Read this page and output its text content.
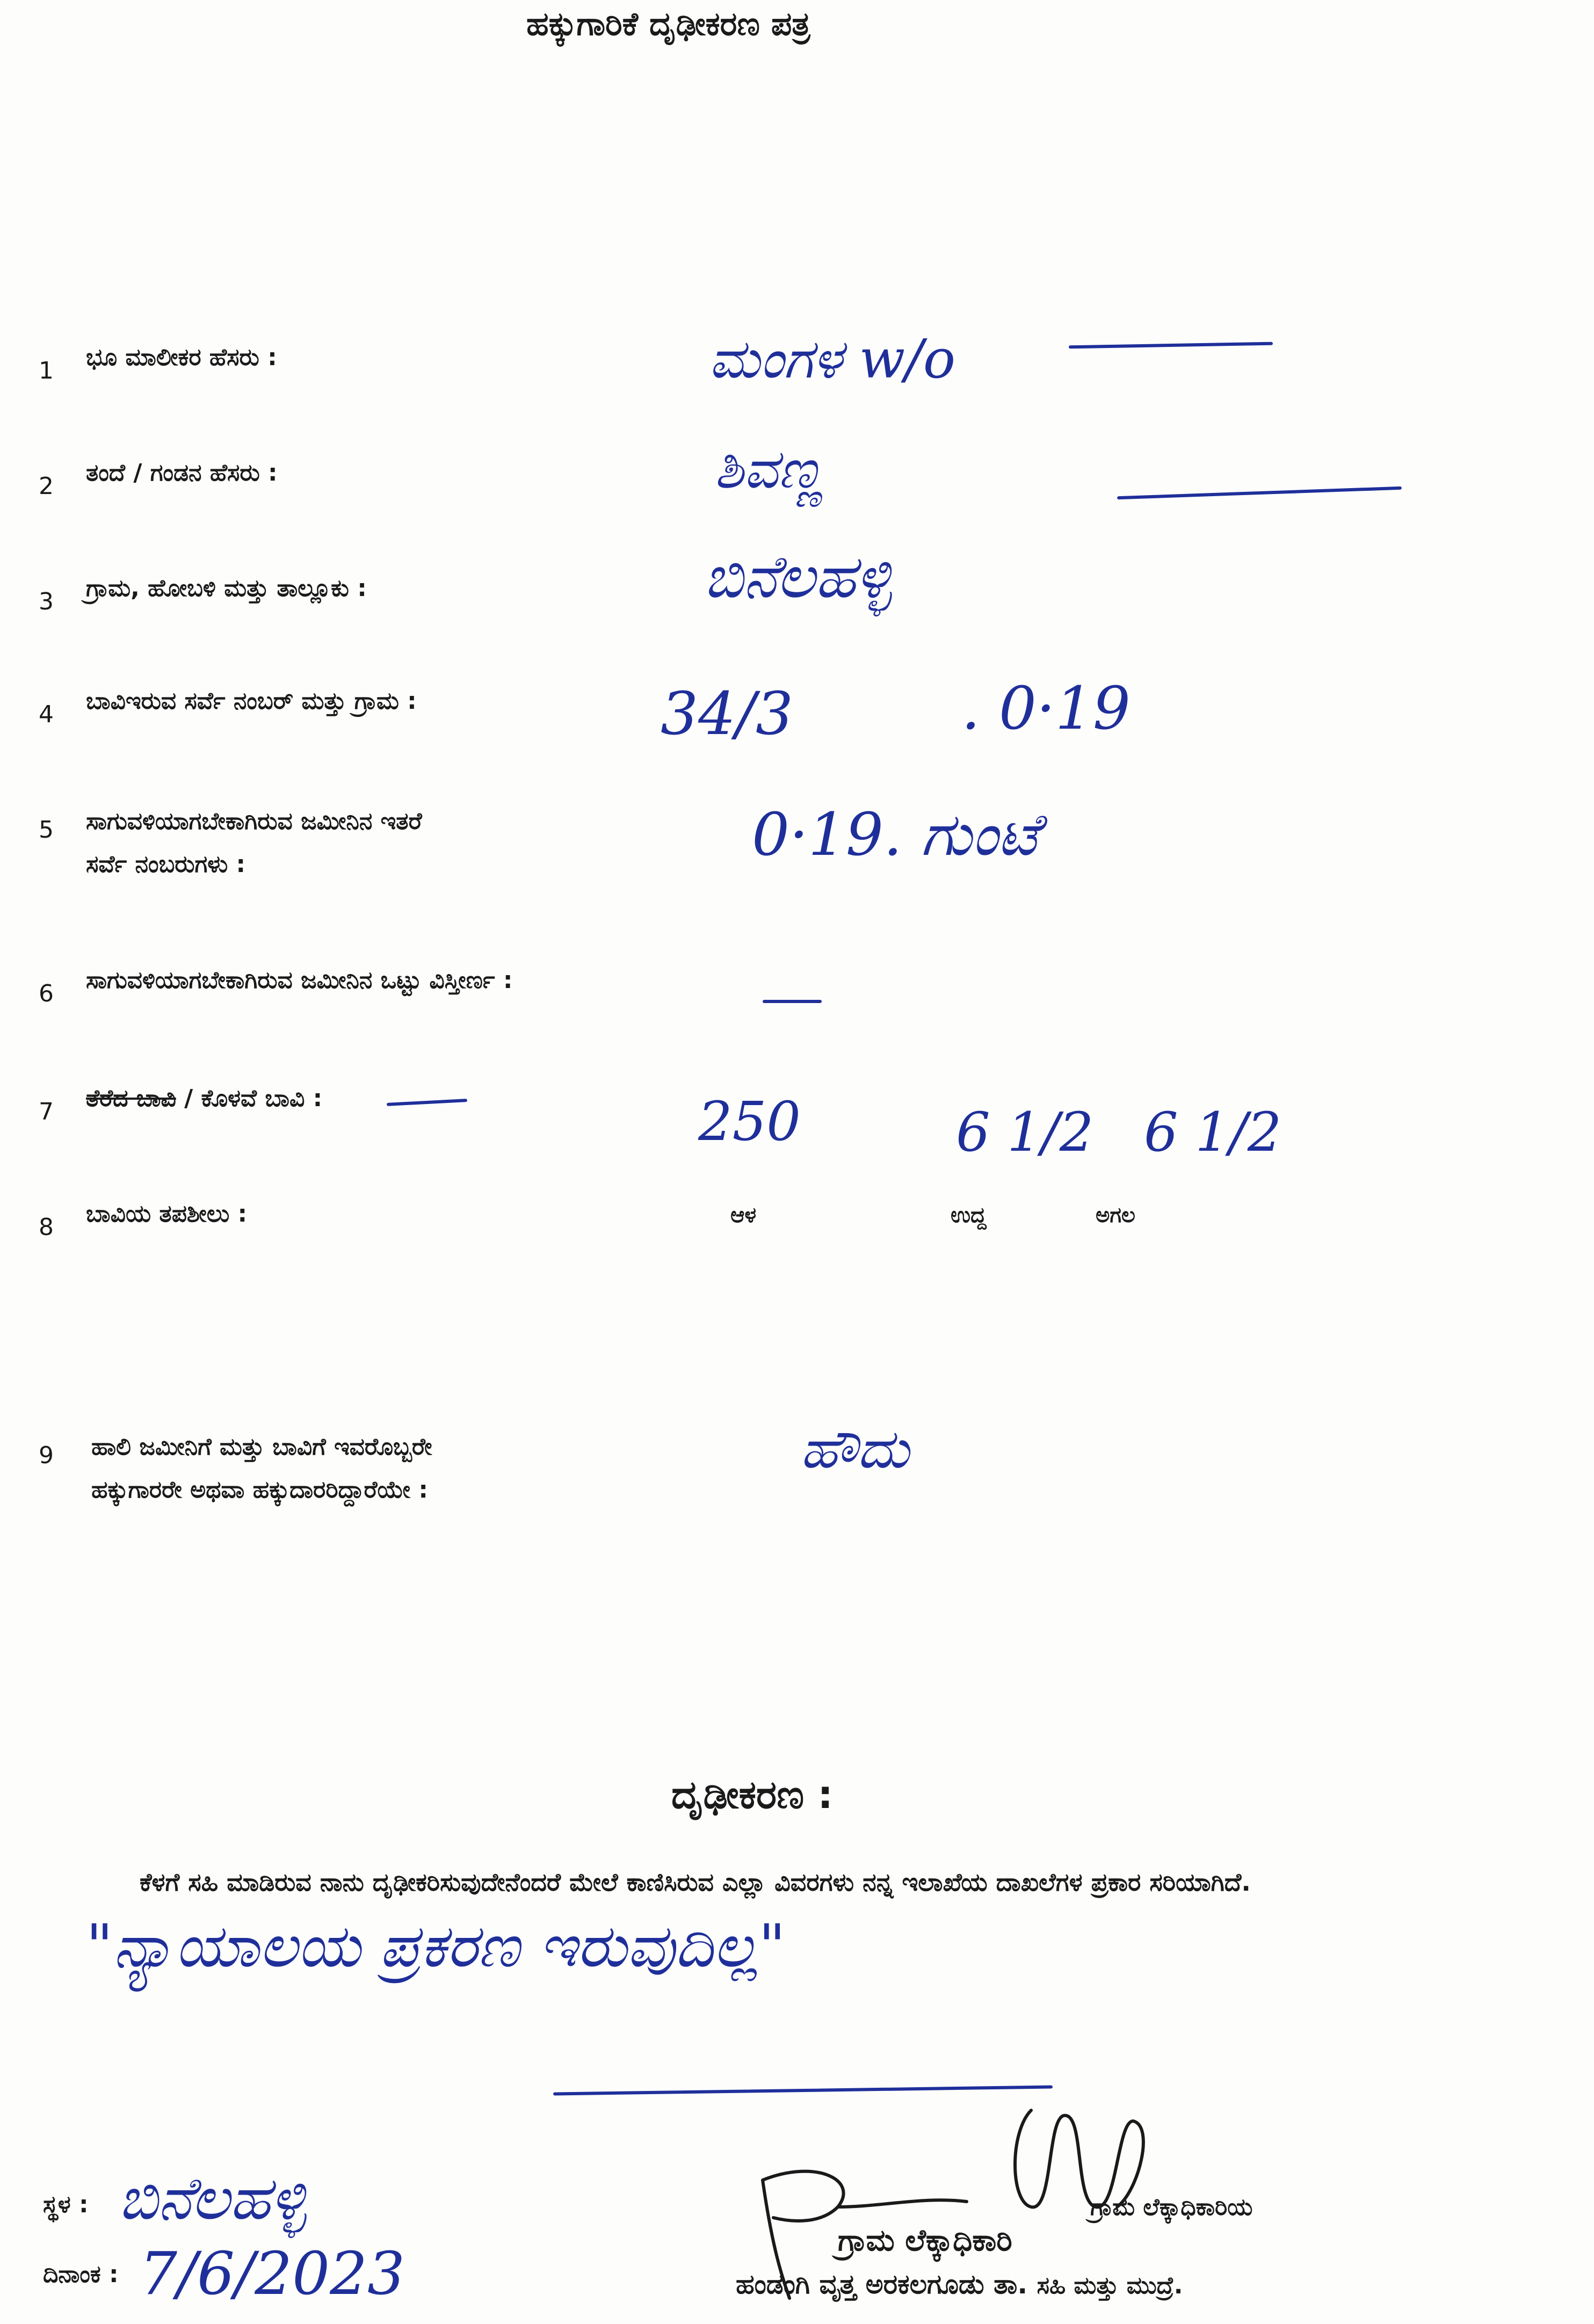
ಹಕ್ಕುಗಾರಿಕೆ ದೃಢೀಕರಣ ಪತ್ರ
1 ಭೂ ಮಾಲೀಕರ ಹೆಸರು :	ಮಂಗಳ w/o
2 ತಂದೆ / ಗಂಡನ ಹೆಸರು :	ಶಿವಣ್ಣ
3 ಗ್ರಾಮ, ಹೋಬಳಿ ಮತ್ತು ತಾಲ್ಲೂಕು :	ಬಿನೆಲಹಳ್ಳಿ
4 ಬಾವಿಇರುವ ಸರ್ವೆ ನಂಬರ್ ಮತ್ತು ಗ್ರಾಮ :	34/3	. 0·19
5 ಸಾಗುವಳಿಯಾಗಬೇಕಾಗಿರುವ ಜಮೀನಿನ ಇತರೆ
ಸರ್ವೆ ನಂಬರುಗಳು :	0·19. ಗುಂಟೆ
6 ಸಾಗುವಳಿಯಾಗಬೇಕಾಗಿರುವ ಜಮೀನಿನ ಒಟ್ಟು ವಿಸ್ತೀರ್ಣ :
7 ತೆರೆದ ಬಾವಿ / ಕೊಳವೆ ಬಾವಿ :	250	6 1/2 6 1/2
8 ಬಾವಿಯ ತಪಶೀಲು :	ಆಳ	ಉದ್ದ	ಅಗಲ
9 ಹಾಲಿ ಜಮೀನಿಗೆ ಮತ್ತು ಬಾವಿಗೆ ಇವರೊಬ್ಬರೇ
ಹಕ್ಕುಗಾರರೇ ಅಥವಾ ಹಕ್ಕುದಾರರಿದ್ದಾರೆಯೇ :
ಹೌದು
ದೃಢೀಕರಣ :
ಕೆಳಗೆ ಸಹಿ ಮಾಡಿರುವ ನಾನು ದೃಢೀಕರಿಸುವುದೇನೆಂದರೆ ಮೇಲೆ ಕಾಣಿಸಿರುವ ಎಲ್ಲಾ ವಿವರಗಳು ನನ್ನ ಇಲಾಖೆಯ ದಾಖಲೆಗಳ ಪ್ರಕಾರ ಸರಿಯಾಗಿದೆ.
"ನ್ಯಾಯಾಲಯ ಪ್ರಕರಣ ಇರುವುದಿಲ್ಲ"
ಸ್ಥಳ : ಬಿನೆಲಹಳ್ಳಿ
ದಿನಾಂಕ : 7/6/2023
ಗ್ರಾಮ ಲೆಕ್ಕಾಧಿಕಾರಿಯ
ಗ್ರಾಮ ಲೆಕ್ಕಾಧಿಕಾರಿ
ಹಂಡಂಗಿ ವೃತ್ತ ಅರಕಲಗೂಡು ತಾ. ಸಹಿ ಮತ್ತು ಮುದ್ರೆ.
